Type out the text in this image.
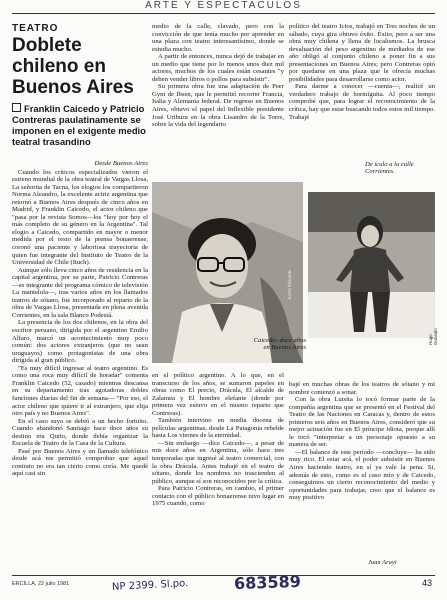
ARTE Y ESPECTACULOS
TEATRO
Doblete chileno en Buenos Aires
Franklin Caicedo y Patricio Contreras paulatinamente se imponen en el exigente medio teatral trasandino
Desde Buenos Aires

Cuando los críticos especializados vieron el estreno mundial de la obra teatral de Vargas Llosa, La señorita de Tacna, los elogios los compartieron Norma Aleandro, la excelente actriz argentina que retornó a Buenos Aires después de cinco años en Madrid, y Franklin Caicedo, el actor chileno que "pasa por la revista Somos—los "hoy por hoy el más completo de su género en la Argentina". Tal elogio a Caicedo, compartido en mayor o menor medida por el resto de la prensa bonaerense, coronó una paciente y laboriosa trayectoria de quien fue integrante del Instituto de Teatro de la Universidad de Chile (Ituch).

Aunque sólo lleva cinco años de residencia en la capital argentina, por su parte, Patricio Contreras —es integrante del programa cómico de televisión La mantelola—, tras varios años en los llamados teatros de sótano, fue incorporado al reparto de la obra de Vargas Llosa, presentada en plena avenida Corrientes, en la sala Blanco Podestá.

La presencia de los dos chilenos, en la obra del escritor peruano, dirigida por el argentino Emilio Alfaro, marcó un acontecimiento muy poco común: dos actores extranjeros (que no sean uruguayos) como protagonistas de una obra dirigida al gran público.

"Es muy difícil ingresar al teatro argentino. Es como una roca muy difícil de horadar" comenta Franklin Caicedo (52, casado) mientras descansa en su departamento tras agotadoras dobles funciones diarias del fin de semana— "Por eso, el actor chileno que quiere ir al extranjero, que elija otro país y no Buenos Aires".

En el caso suyo se debió a un hecho fortuito. Cuando abandonó Santiago hace doce años su destino era Quito, donde debía organizar la Escuela de Teatro de la Casa de la Cultura.

Pasé por Buenos Aires y un llamado telefónico desde acá me permitió comprobar que aquel contrato no era tan cierto como creía. Me quedé aquí casi sin

medio de la calle, clavado, pero con la convicción de que tenía mucho por aprender en una plaza con teatro interesantísimo, donde se estudia mucho.

A partir de entonces, nunca dejó de trabajar en un medio que tiene por lo menos unos diez mil actores, muchos de los cuales están cesantes "y deben vender libros o pollos para subsistir".

Su primera obra fue una adaptación de Peer Gynt de Ibsen, que le permitió recorrer Francia, Italia y Alemania federal. De regreso en Buenos Aires, obtuvo el papel del Inflexible presidente José Uriburu en la obra Lisandro de la Torre, sobre la vida del legendario

político del teatro Ictos, trabajó en Tres noches de un sábado, cuya gira obtuvo éxito. Éxito, pero a ser una obra muy chilena y llena de localismos. La brusca devaluación del peso argentino de mediados de ese año obligó al conjunto chileno a poner fin a sus presentaciones en Buenos Aires; pero Contreras optó por quedarse en una plaza que le ofrecía muchas posibilidades para desarrollarse como actor.

Para darme a conocer —cuenta—, realicé un verdadero trabajo de hormiguita. Al poco tiempo comprobé que, para lograr el reconocimiento de la crítica, hay que estar buscando todos estos mil tiempo. Trabajé

De ículo a la calle Corrientes.
JUAN Elizando
Caicedo: doce años en Buenos Aires
Hugo Gonsalo

en el político argentino. A lo que, en el transcurso de los años, se sumaron papeles en obras como El precio, Drácula, El alcalde de Zalamea y El hombre elefante (donde por primera vez estuvo en el mismo reparto que Contreras).

También intervino en media docena de películas argentinas, desde La Patagonia rebelde hasta Los viernes de la eternidad.

—Sin embargo —dice Caicedo—, a pesar de mis doce años en Argentina, sólo hace tres temporadas que ingresé al teatro comercial, con la obra Drácula. Antes trabajé en el teatro de sótano, donde los nombres no trascienden al público, aunque sí son reconocidos por la crítica.

Para Patricio Contreras, en cambio, el primer contacto con el público bonaerense tuvo lugar en 1975 cuando, como

bajé en muchas obras de los teatros de sótano y mi nombre comenzó a sonar.

Con la obra Luisita lo tocó formar parte de la compañía argentina que se presentó en el Festival del Teatro de las Naciones en Caracas y, dentro de estos primeros seis años en Buenos Aires, consideró que su mejor actuación fue en El príncipe idiota, porque allí le tocó "interpretar a un personaje opuesto a su manera de ser.

—El balance de este período —concluye— ha sido muy rico. El estar acá, el poder subsistir en Buenos Aires haciendo teatro, en sí ya vale la pena. Si, además de esto, como es el caso mío y de Caicedo, conseguimos un cierto reconocimiento del medio y oportunidades para trabajar, creo que el balance es muy positivo

Juan Arayi
ERCILLA, 22 julio 1981	NP 2399. Sl.po.	683589	43
